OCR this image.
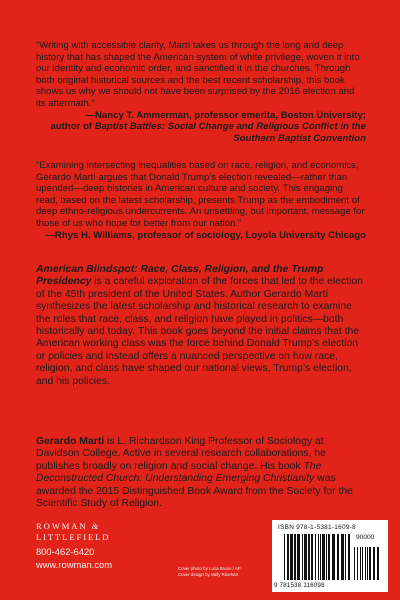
“Writing with accessible clarity, Martí takes us through the long and deep history that has shaped the American system of white privilege, woven it into our identity and economic order, and sanctified it in the churches. Through both original historical sources and the best recent scholarship, this book shows us why we should not have been surprised by the 2016 election and its aftermath.”

—Nancy T. Ammerman, professor emerita, Boston University;
author of Baptist Battles: Social Change and Religious Conflict in the Southern Baptist Convention

“Examining intersecting inequalities based on race, religion, and economics, Gerardo Martí argues that Donald Trump’s election revealed—rather than upended—deep histories in American culture and society. This engaging read, based on the latest scholarship, presents Trump as the embodiment of deep ethno-religious undercurrents. An unsettling, but important, message for those of us who hope for better from our nation.”

—Rhys H. Williams, professor of sociology, Loyola University Chicago

American Blindspot: Race, Class, Religion, and the Trump Presidency is a careful exploration of the forces that led to the election of the 45th president of the United States. Author Gerardo Martí synthesizes the latest scholarship and historical research to examine the roles that race, class, and religion have played in politics—both historically and today. This book goes beyond the initial claims that the American working class was the force behind Donald Trump’s election or policies and instead offers a nuanced perspective on how race, religion, and class have shaped our national views, Trump’s election, and his policies.

Gerardo Martí is L. Richardson King Professor of Sociology at Davidson College. Active in several research collaborations, he publishes broadly on religion and social change. His book The Deconstructed Church: Understanding Emerging Christianity was awarded the 2015 Distinguished Book Award from the Society for the Scientific Study of Religion.

ROWMAN &
LITTLEFIELD
800-462-6420
www.rowman.com	Cover photo by Luca Bruno / AP
Cover design by Sally Rinehart
ISBN 978-1-5381-1609-8
90000
9 781538 116098
